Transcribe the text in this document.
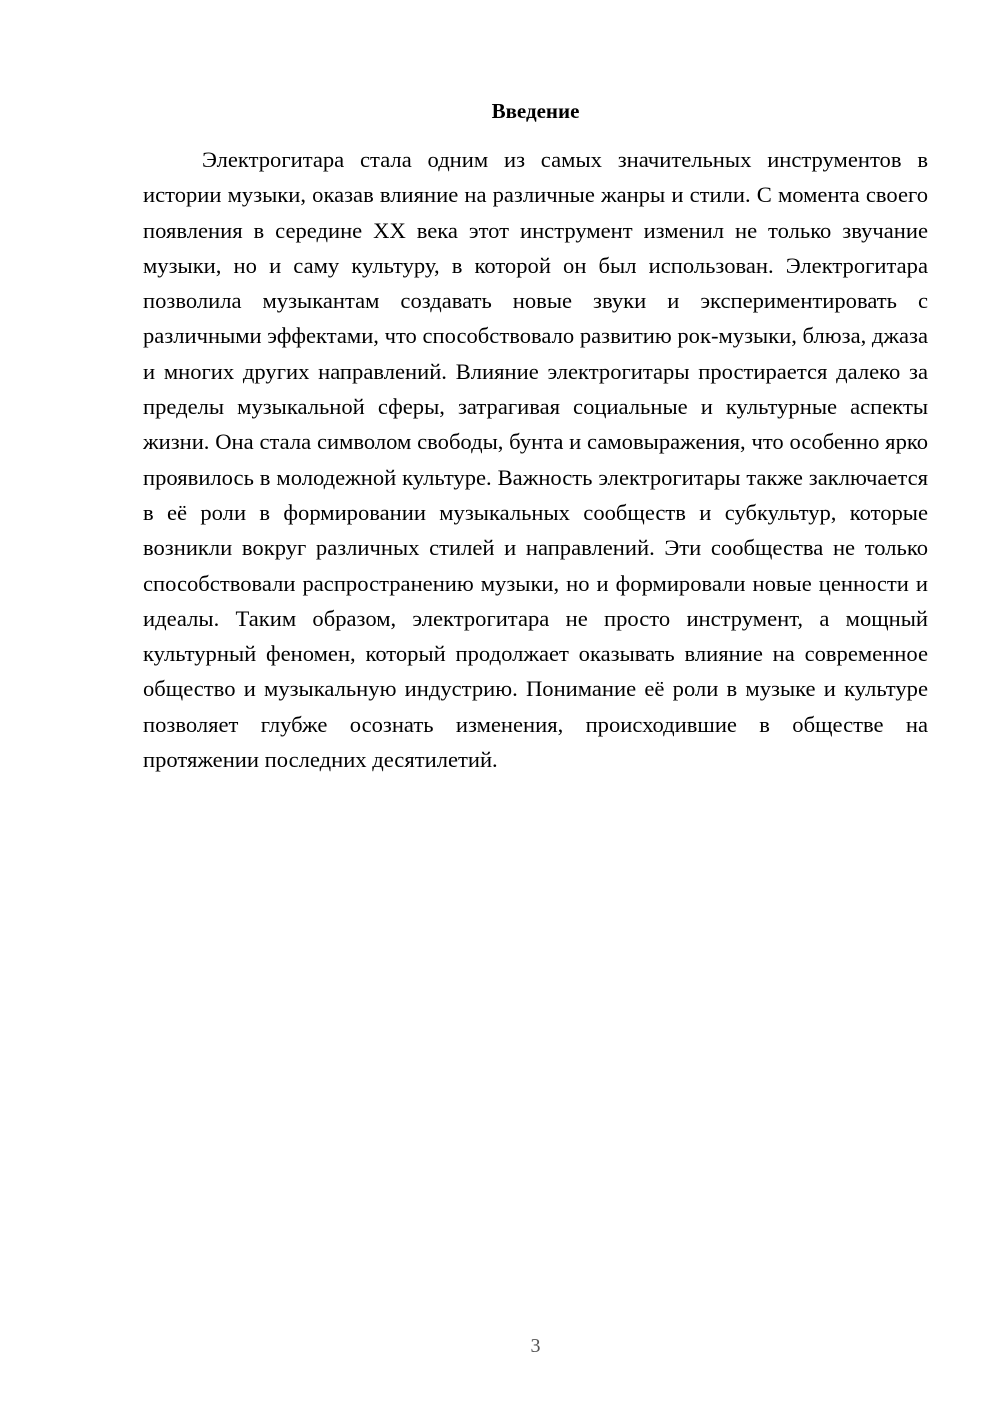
Введение

Электрогитара стала одним из самых значительных инструментов в истории музыки, оказав влияние на различные жанры и стили. С момента своего появления в середине XX века этот инструмент изменил не только звучание музыки, но и саму культуру, в которой он был использован. Электрогитара позволила музыкантам создавать новые звуки и экспериментировать с различными эффектами, что способствовало развитию рок-музыки, блюза, джаза и многих других направлений. Влияние электрогитары простирается далеко за пределы музыкальной сферы, затрагивая социальные и культурные аспекты жизни. Она стала символом свободы, бунта и самовыражения, что особенно ярко проявилось в молодежной культуре. Важность электрогитары также заключается в её роли в формировании музыкальных сообществ и субкультур, которые возникли вокруг различных стилей и направлений. Эти сообщества не только способствовали распространению музыки, но и формировали новые ценности и идеалы. Таким образом, электрогитара не просто инструмент, а мощный культурный феномен, который продолжает оказывать влияние на современное общество и музыкальную индустрию. Понимание её роли в музыке и культуре позволяет глубже осознать изменения, происходившие в обществе на протяжении последних десятилетий.

3
